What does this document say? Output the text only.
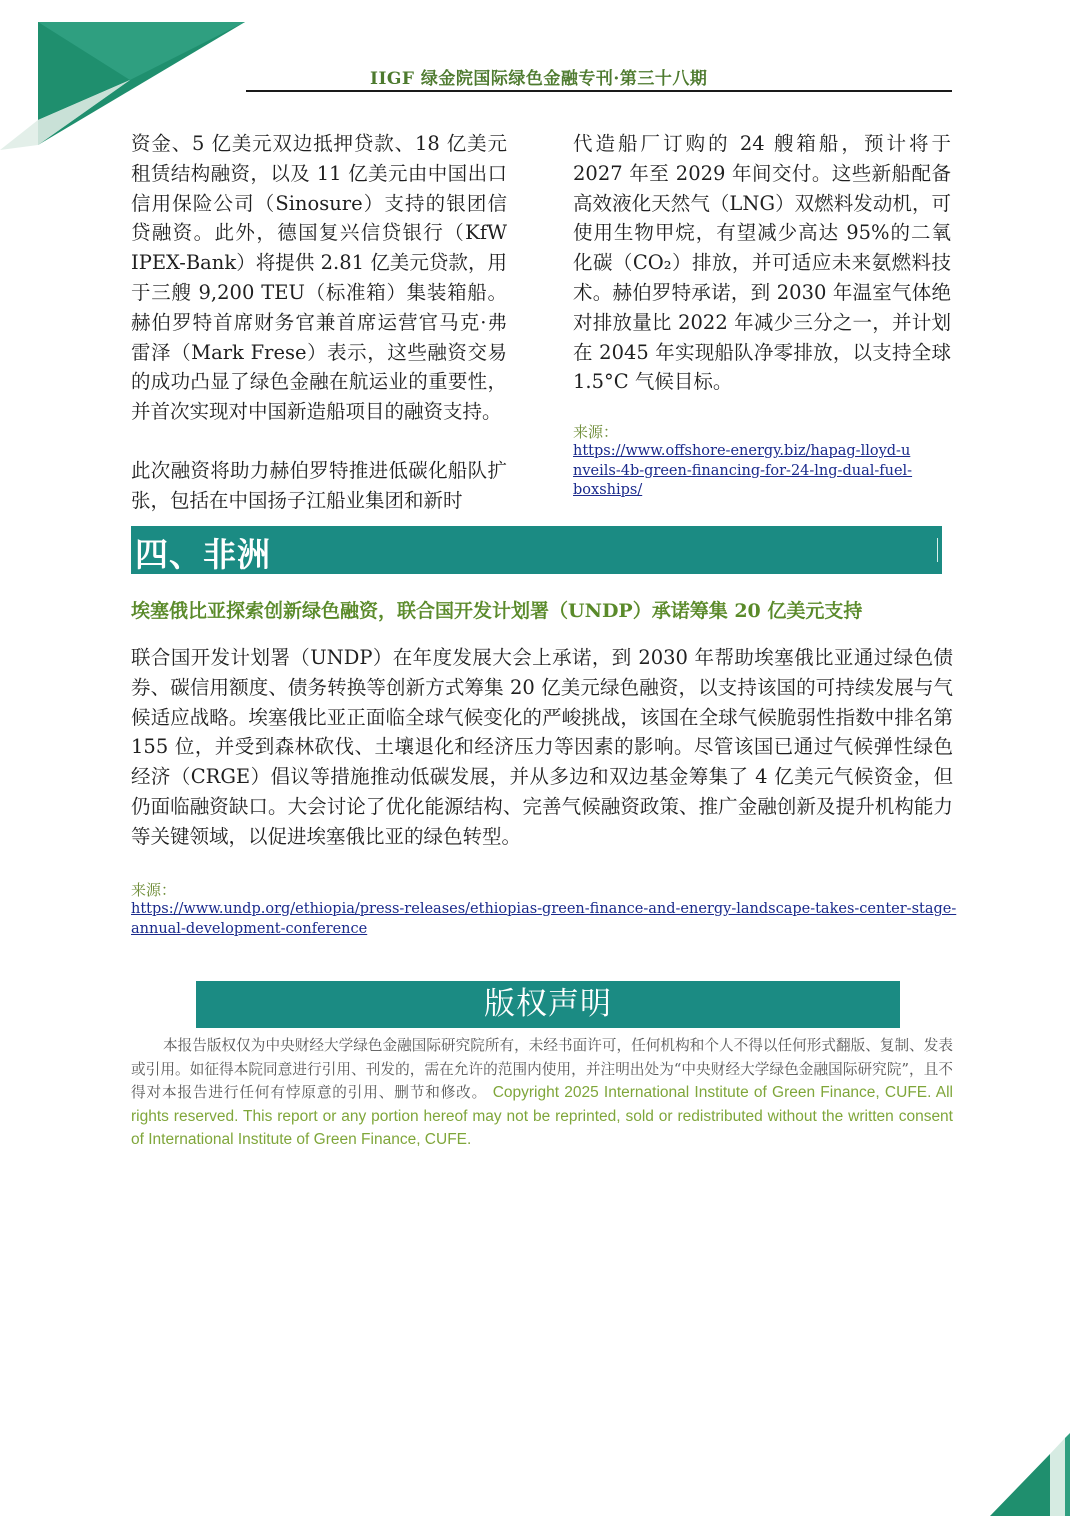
IIGF 绿金院国际绿色金融专刊·第三十八期

资金、5 亿美元双边抵押贷款、18 亿美元租赁结构融资，以及 11 亿美元由中国出口信用保险公司（Sinosure）支持的银团信贷融资。此外，德国复兴信贷银行（KfW IPEX-Bank）将提供 2.81 亿美元贷款，用于三艘 9,200 TEU（标准箱）集装箱船。赫伯罗特首席财务官兼首席运营官马克·弗雷泽（Mark Frese）表示，这些融资交易的成功凸显了绿色金融在航运业的重要性，并首次实现对中国新造船项目的融资支持。

此次融资将助力赫伯罗特推进低碳化船队扩张，包括在中国扬子江船业集团和新时

代造船厂订购的 24 艘箱船，预计将于 2027 年至 2029 年间交付。这些新船配备高效液化天然气（LNG）双燃料发动机，可使用生物甲烷，有望减少高达 95%的二氧化碳（CO₂）排放，并可适应未来氨燃料技术。赫伯罗特承诺，到 2030 年温室气体绝对排放量比 2022 年减少三分之一，并计划在 2045 年实现船队净零排放，以支持全球 1.5°C 气候目标。

来源：
https://www.offshore-energy.biz/hapag-lloyd-unveils-4b-green-financing-for-24-lng-dual-fuel-boxships/
四、非洲
埃塞俄比亚探索创新绿色融资，联合国开发计划署（UNDP）承诺筹集 20 亿美元支持
联合国开发计划署（UNDP）在年度发展大会上承诺，到 2030 年帮助埃塞俄比亚通过绿色债券、碳信用额度、债务转换等创新方式筹集 20 亿美元绿色融资，以支持该国的可持续发展与气候适应战略。埃塞俄比亚正面临全球气候变化的严峻挑战，该国在全球气候脆弱性指数中排名第 155 位，并受到森林砍伐、土壤退化和经济压力等因素的影响。尽管该国已通过气候弹性绿色经济（CRGE）倡议等措施推动低碳发展，并从多边和双边基金筹集了 4 亿美元气候资金，但仍面临融资缺口。大会讨论了优化能源结构、完善气候融资政策、推广金融创新及提升机构能力等关键领域，以促进埃塞俄比亚的绿色转型。
来源：
https://www.undp.org/ethiopia/press-releases/ethiopias-green-finance-and-energy-landscape-takes-center-stage-annual-development-conference
版权声明
本报告版权仅为中央财经大学绿色金融国际研究院所有，未经书面许可，任何机构和个人不得以任何形式翻版、复制、发表或引用。如征得本院同意进行引用、刊发的，需在允许的范围内使用，并注明出处为“中央财经大学绿色金融国际研究院”，且不得对本报告进行任何有悖原意的引用、删节和修改。 Copyright 2025 International Institute of Green Finance, CUFE. All rights reserved. This report or any portion hereof may not be reprinted, sold or redistributed without the written consent of International Institute of Green Finance, CUFE.
